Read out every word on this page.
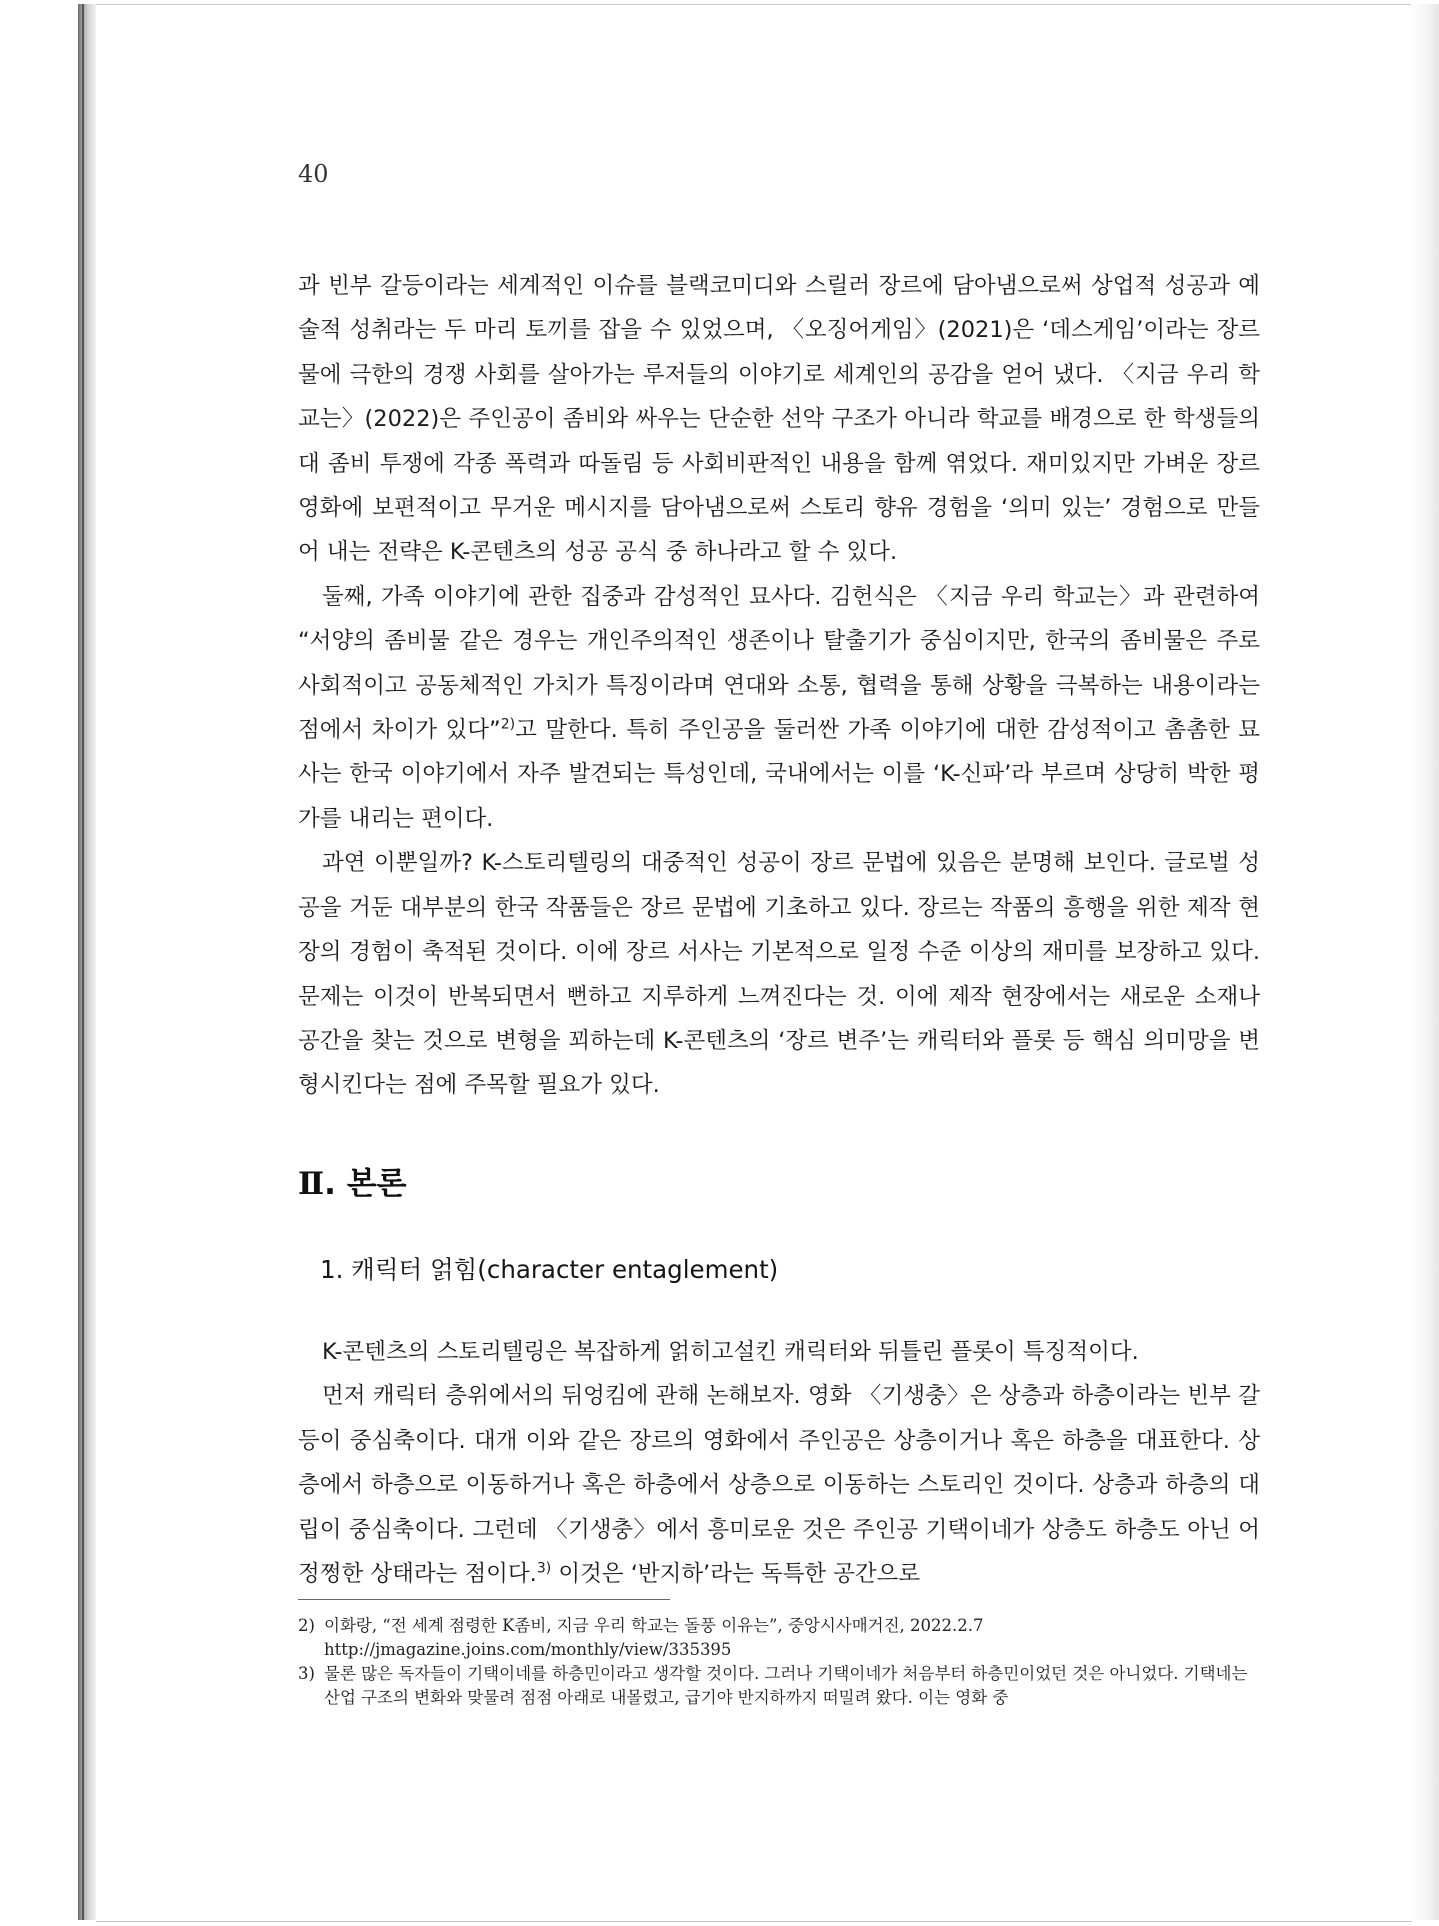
40

과 빈부 갈등이라는 세계적인 이슈를 블랙코미디와 스릴러 장르에 담아냄으로써 상업적 성공과 예술적 성취라는 두 마리 토끼를 잡을 수 있었으며, 〈오징어게임〉(2021)은 ‘데스게임’이라는 장르물에 극한의 경쟁 사회를 살아가는 루저들의 이야기로 세계인의 공감을 얻어 냈다. 〈지금 우리 학교는〉(2022)은 주인공이 좀비와 싸우는 단순한 선악 구조가 아니라 학교를 배경으로 한 학생들의 대 좀비 투쟁에 각종 폭력과 따돌림 등 사회비판적인 내용을 함께 엮었다. 재미있지만 가벼운 장르영화에 보편적이고 무거운 메시지를 담아냄으로써 스토리 향유 경험을 ‘의미 있는’ 경험으로 만들어 내는 전략은 K-콘텐츠의 성공 공식 중 하나라고 할 수 있다.

둘째, 가족 이야기에 관한 집중과 감성적인 묘사다. 김헌식은 〈지금 우리 학교는〉과 관련하여 “서양의 좀비물 같은 경우는 개인주의적인 생존이나 탈출기가 중심이지만, 한국의 좀비물은 주로 사회적이고 공동체적인 가치가 특징이라며 연대와 소통, 협력을 통해 상황을 극복하는 내용이라는 점에서 차이가 있다”$^{2)}$고 말한다. 특히 주인공을 둘러싼 가족 이야기에 대한 감성적이고 촘촘한 묘사는 한국 이야기에서 자주 발견되는 특성인데, 국내에서는 이를 ‘K-신파’라 부르며 상당히 박한 평가를 내리는 편이다.

과연 이뿐일까? K-스토리텔링의 대중적인 성공이 장르 문법에 있음은 분명해 보인다. 글로벌 성공을 거둔 대부분의 한국 작품들은 장르 문법에 기초하고 있다. 장르는 작품의 흥행을 위한 제작 현장의 경험이 축적된 것이다. 이에 장르 서사는 기본적으로 일정 수준 이상의 재미를 보장하고 있다. 문제는 이것이 반복되면서 뻔하고 지루하게 느껴진다는 것. 이에 제작 현장에서는 새로운 소재나 공간을 찾는 것으로 변형을 꾀하는데 K-콘텐츠의 ‘장르 변주’는 캐릭터와 플롯 등 핵심 의미망을 변형시킨다는 점에 주목할 필요가 있다.

Ⅱ. 본론
1. 캐릭터 얽힘(character entaglement)

K-콘텐츠의 스토리텔링은 복잡하게 얽히고설킨 캐릭터와 뒤틀린 플롯이 특징적이다.

먼저 캐릭터 층위에서의 뒤엉킴에 관해 논해보자. 영화 〈기생충〉은 상층과 하층이라는 빈부 갈등이 중심축이다. 대개 이와 같은 장르의 영화에서 주인공은 상층이거나 혹은 하층을 대표한다. 상층에서 하층으로 이동하거나 혹은 하층에서 상층으로 이동하는 스토리인 것이다. 상층과 하층의 대립이 중심축이다. 그런데 〈기생충〉에서 흥미로운 것은 주인공 기택이네가 상층도 하층도 아닌 어정쩡한 상태라는 점이다.$^{3)}$ 이것은 ‘반지하’라는 독특한 공간으로

2) 이화랑, “전 세계 점령한 K좀비, 지금 우리 학교는 돌풍 이유는”, 중앙시사매거진, 2022.2.7
http://jmagazine.joins.com/monthly/view/335395

3) 물론 많은 독자들이 기택이네를 하층민이라고 생각할 것이다. 그러나 기택이네가 처음부터 하층민이었던 것은 아니었다. 기택네는 산업 구조의 변화와 맞물려 점점 아래로 내몰렸고, 급기야 반지하까지 떠밀려 왔다. 이는 영화 중
